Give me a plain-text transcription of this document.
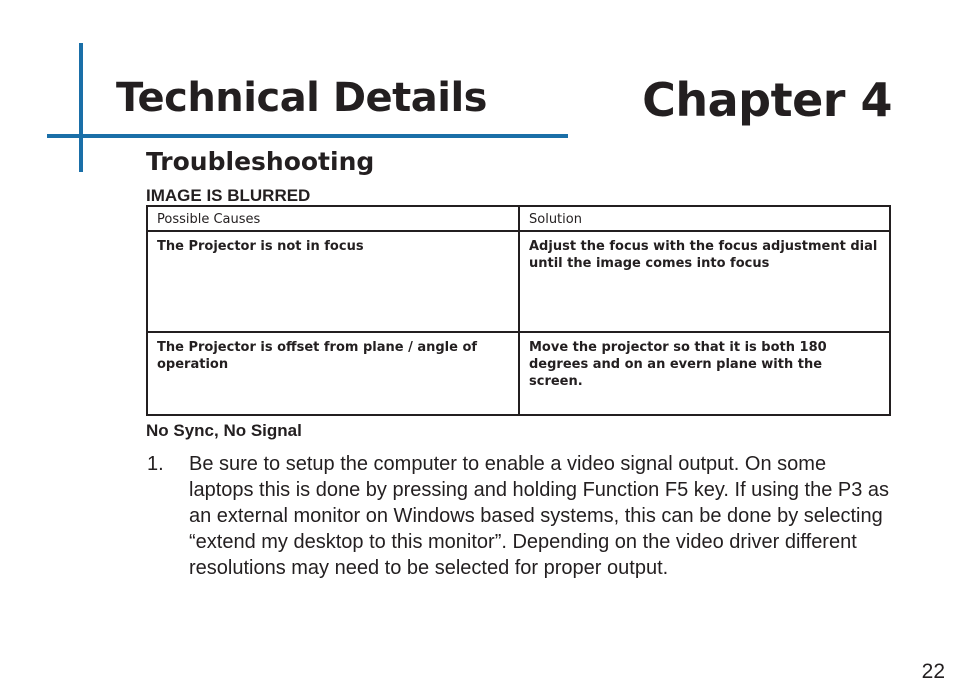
Technical Details	Chapter 4
Troubleshooting
IMAGE IS BLURRED
Possible Causes	Solution
The Projector is not in focus	Adjust the focus with the focus adjustment dial until the image comes into focus
The Projector is offset from plane / angle of operation	Move the projector so that it is both 180 degrees and on an evern plane with the screen.
No Sync, No Signal
1. Be sure to setup the computer to enable a video signal output. On some laptops this is done by pressing and holding Function F5 key. If using the P3 as an external monitor on Windows based systems, this can be done by selecting “extend my desktop to this monitor”. Depending on the video driver different resolutions may need to be selected for proper output.
22
